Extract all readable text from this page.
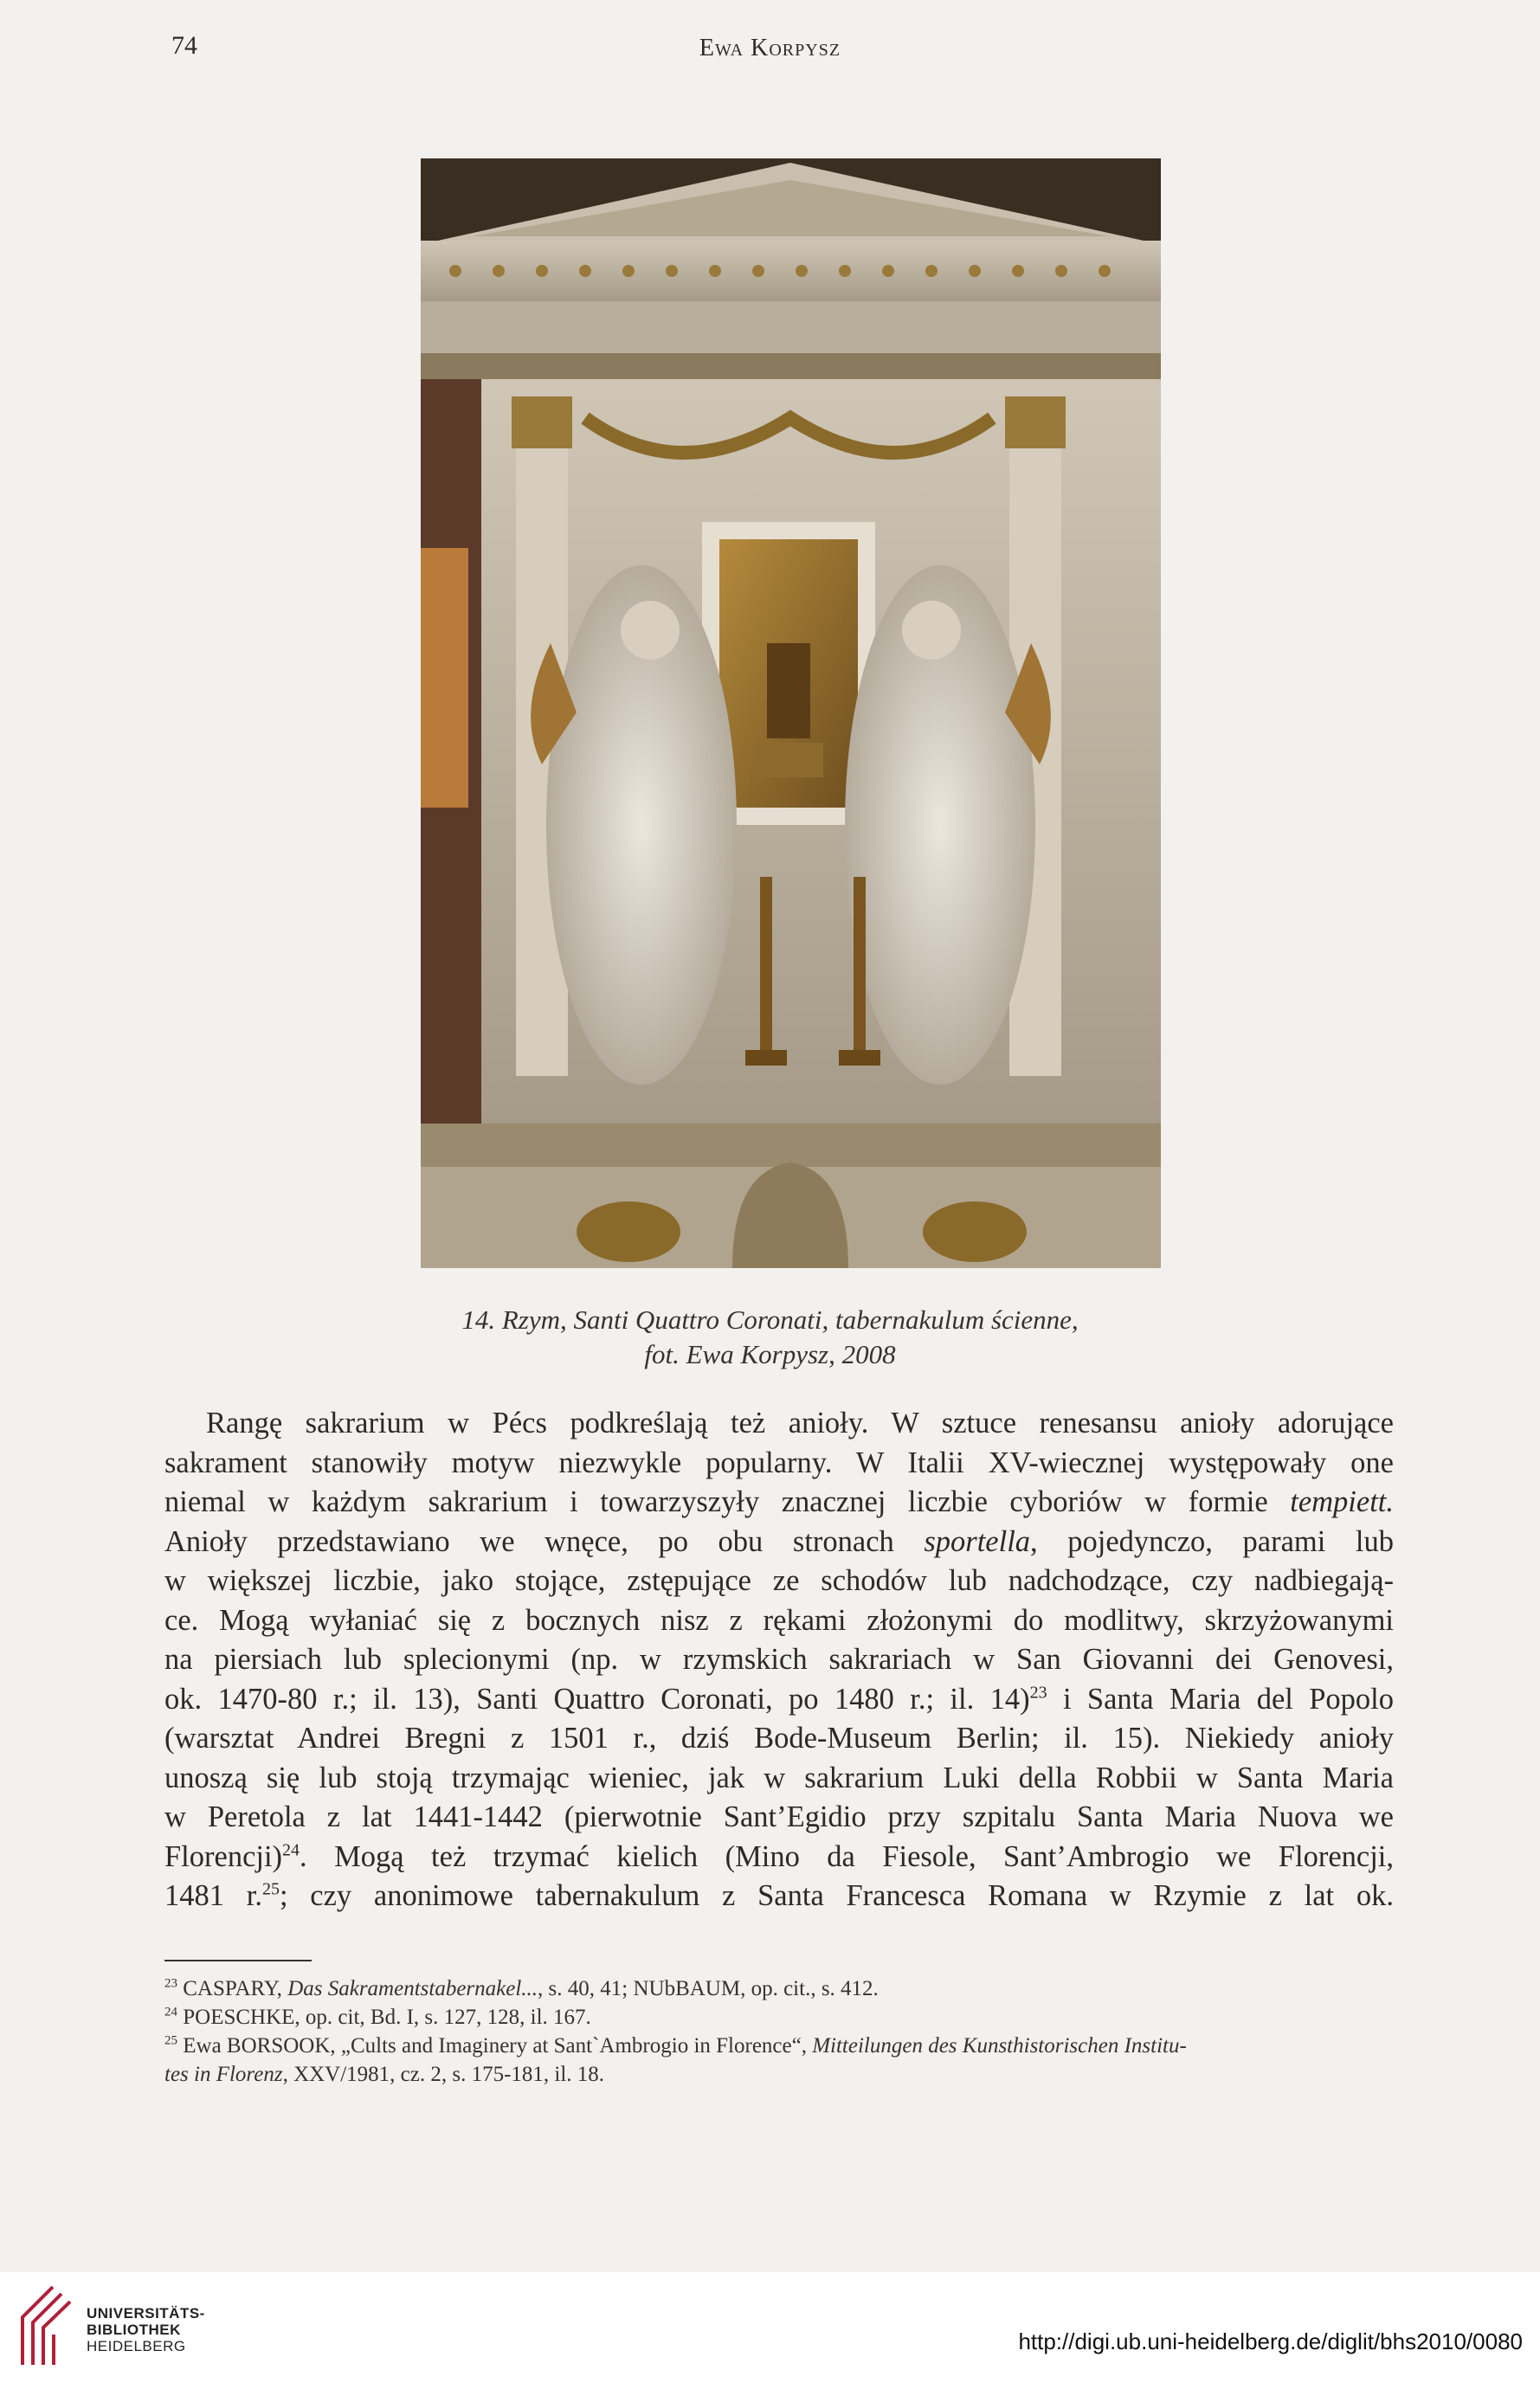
74	Ewa Korpysz
14. Rzym, Santi Quattro Coronati, tabernakulum ścienne,
fot. Ewa Korpysz, 2008
Rangę sakrarium w Pécs podkreślają też anioły. W sztuce renesansu anioły adorujące
sakrament stanowiły motyw niezwykle popularny. W Italii XV-wiecznej występowały one
niemal w każdym sakrarium i towarzyszyły znacznej liczbie cyboriów w formie tempiett.
Anioły przedstawiano we wnęce, po obu stronach sportella, pojedynczo, parami lub
w większej liczbie, jako stojące, zstępujące ze schodów lub nadchodzące, czy nadbiegają-
ce. Mogą wyłaniać się z bocznych nisz z rękami złożonymi do modlitwy, skrzyżowanymi
na piersiach lub splecionymi (np. w rzymskich sakrariach w San Giovanni dei Genovesi,
ok. 1470-80 r.; il. 13), Santi Quattro Coronati, po 1480 r.; il. 14)$^{23}$ i Santa Maria del Popolo
(warsztat Andrei Bregni z 1501 r., dziś Bode-Museum Berlin; il. 15). Niekiedy anioły
unoszą się lub stoją trzymając wieniec, jak w sakrarium Luki della Robbii w Santa Maria
w Peretola z lat 1441-1442 (pierwotnie Sant’Egidio przy szpitalu Santa Maria Nuova we
Florencji)$^{24}$. Mogą też trzymać kielich (Mino da Fiesole, Sant’Ambrogio we Florencji,
1481 r.$^{25}$; czy anonimowe tabernakulum z Santa Francesca Romana w Rzymie z lat ok.
$^{23}$ CASPARY, Das Sakramentstabernakel..., s. 40, 41; NUbBAUM, op. cit., s. 412.
$^{24}$ POESCHKE, op. cit, Bd. I, s. 127, 128, il. 167.
$^{25}$ Ewa BORSOOK, „Cults and Imaginery at Sant`Ambrogio in Florence“, Mitteilungen des Kunsthistorischen Institu-
tes in Florenz, XXV/1981, cz. 2, s. 175-181, il. 18.
UNIVERSITÄTS-
BIBLIOTHEK
HEIDELBERG	http://digi.ub.uni-heidelberg.de/diglit/bhs2010/0080
